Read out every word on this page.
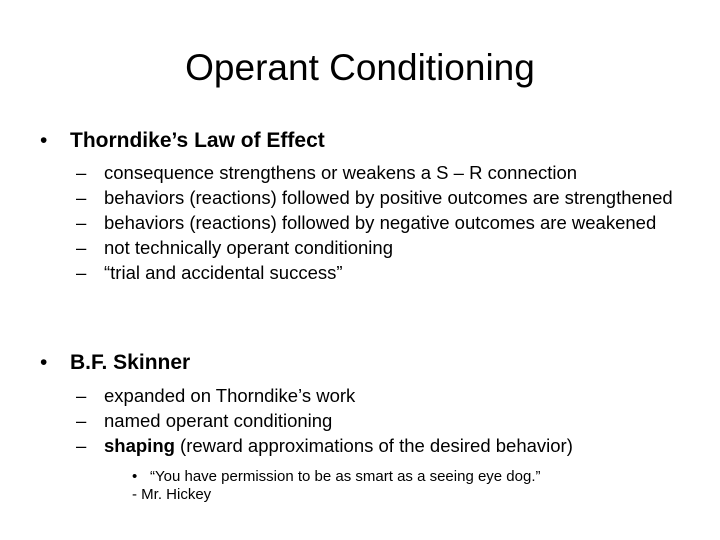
Operant Conditioning
• Thorndike’s Law of Effect
– consequence strengthens or weakens a S – R connection
– behaviors (reactions) followed by positive outcomes are strengthened
– behaviors (reactions) followed by negative outcomes are weakened
– not technically operant conditioning
– “trial and accidental success”
• B.F. Skinner
– expanded on Thorndike’s work
– named operant conditioning
– shaping (reward approximations of the desired behavior)
• “You have permission to be as smart as a seeing eye dog.”
- Mr. Hickey
